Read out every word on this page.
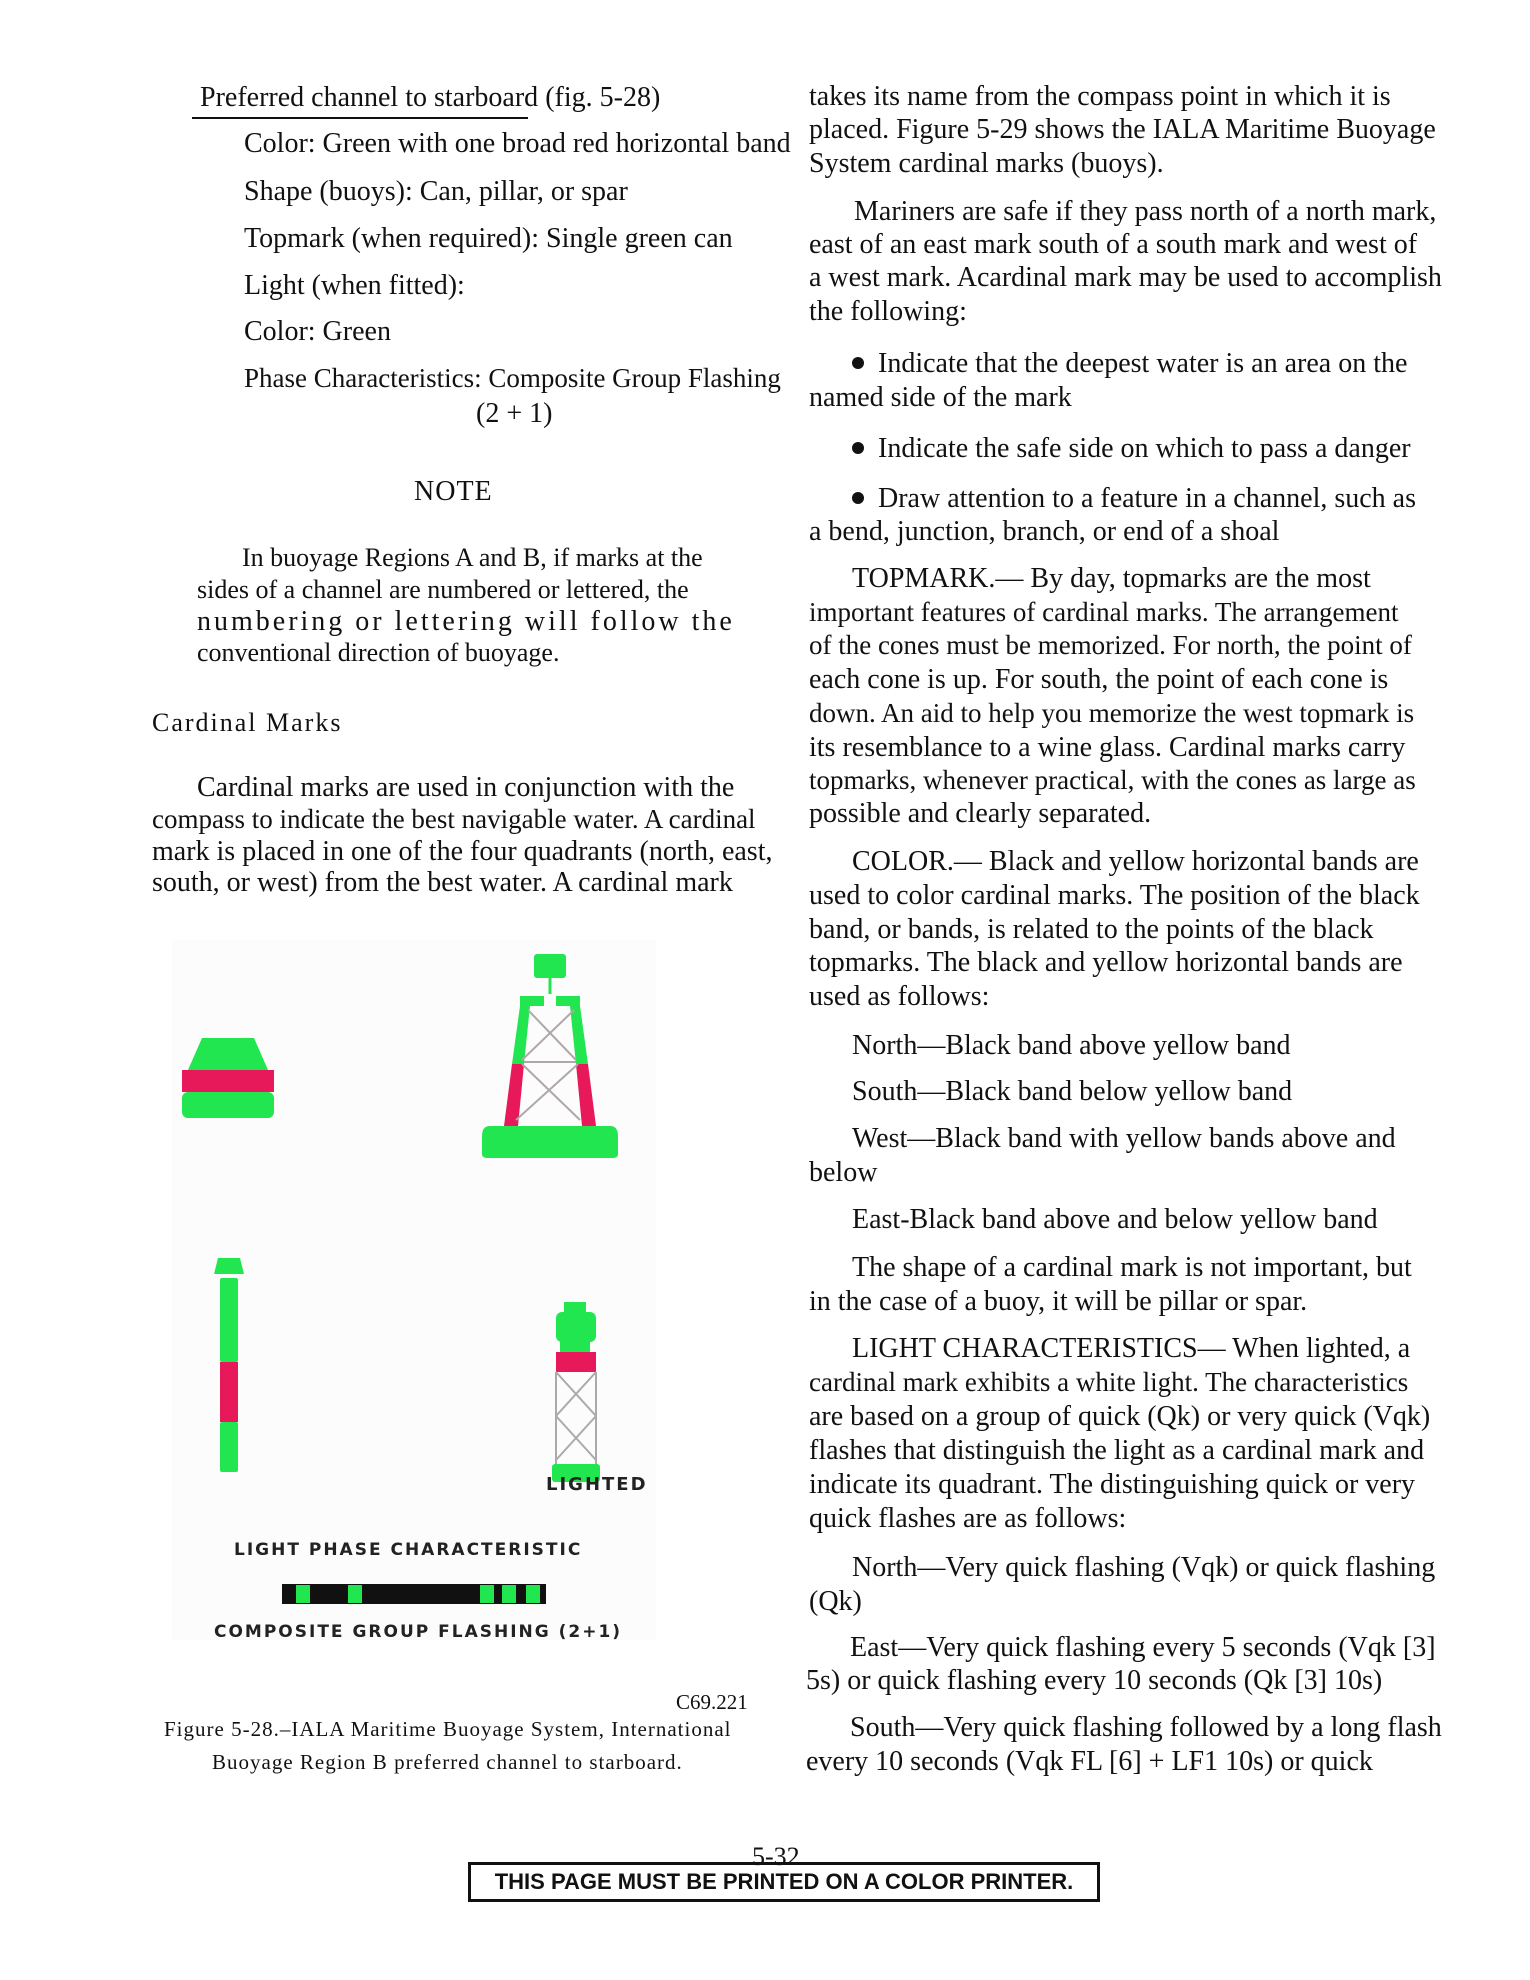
Preferred channel to starboard (fig. 5-28)
Color: Green with one broad red horizontal band
Shape (buoys): Can, pillar, or spar
Topmark (when required): Single green can
Light (when fitted):
Color: Green
Phase Characteristics: Composite Group Flashing
(2 + 1)
NOTE
In buoyage Regions A and B, if marks at the
sides of a channel are numbered or lettered, the
numbering or lettering will follow the
conventional direction of buoyage.
Cardinal Marks
Cardinal marks are used in conjunction with the
compass to indicate the best navigable water. A cardinal
mark is placed in one of the four quadrants (north, east,
south, or west) from the best water. A cardinal mark
LIGHTED
LIGHT PHASE CHARACTERISTIC
COMPOSITE GROUP FLASHING (2+1)
C69.221
Figure 5-28.–IALA Maritime Buoyage System, International
Buoyage Region B preferred channel to starboard.
takes its name from the compass point in which it is
placed. Figure 5-29 shows the IALA Maritime Buoyage
System cardinal marks (buoys).
Mariners are safe if they pass north of a north mark,
east of an east mark south of a south mark and west of
a west mark. Acardinal mark may be used to accomplish
the following:
Indicate that the deepest water is an area on the
named side of the mark
Indicate the safe side on which to pass a danger
Draw attention to a feature in a channel, such as
a bend, junction, branch, or end of a shoal
TOPMARK.— By day, topmarks are the most
important features of cardinal marks. The arrangement
of the cones must be memorized. For north, the point of
each cone is up. For south, the point of each cone is
down. An aid to help you memorize the west topmark is
its resemblance to a wine glass. Cardinal marks carry
topmarks, whenever practical, with the cones as large as
possible and clearly separated.
COLOR.— Black and yellow horizontal bands are
used to color cardinal marks. The position of the black
band, or bands, is related to the points of the black
topmarks. The black and yellow horizontal bands are
used as follows:
North—Black band above yellow band
South—Black band below yellow band
West—Black band with yellow bands above and
below
East-Black band above and below yellow band
The shape of a cardinal mark is not important, but
in the case of a buoy, it will be pillar or spar.
LIGHT CHARACTERISTICS— When lighted, a
cardinal mark exhibits a white light. The characteristics
are based on a group of quick (Qk) or very quick (Vqk)
flashes that distinguish the light as a cardinal mark and
indicate its quadrant. The distinguishing quick or very
quick flashes are as follows:
North—Very quick flashing (Vqk) or quick flashing
(Qk)
East—Very quick flashing every 5 seconds (Vqk [3]
5s) or quick flashing every 10 seconds (Qk [3] 10s)
South—Very quick flashing followed by a long flash
every 10 seconds (Vqk FL [6] + LF1 10s) or quick
5-32
THIS PAGE MUST BE PRINTED ON A COLOR PRINTER.
